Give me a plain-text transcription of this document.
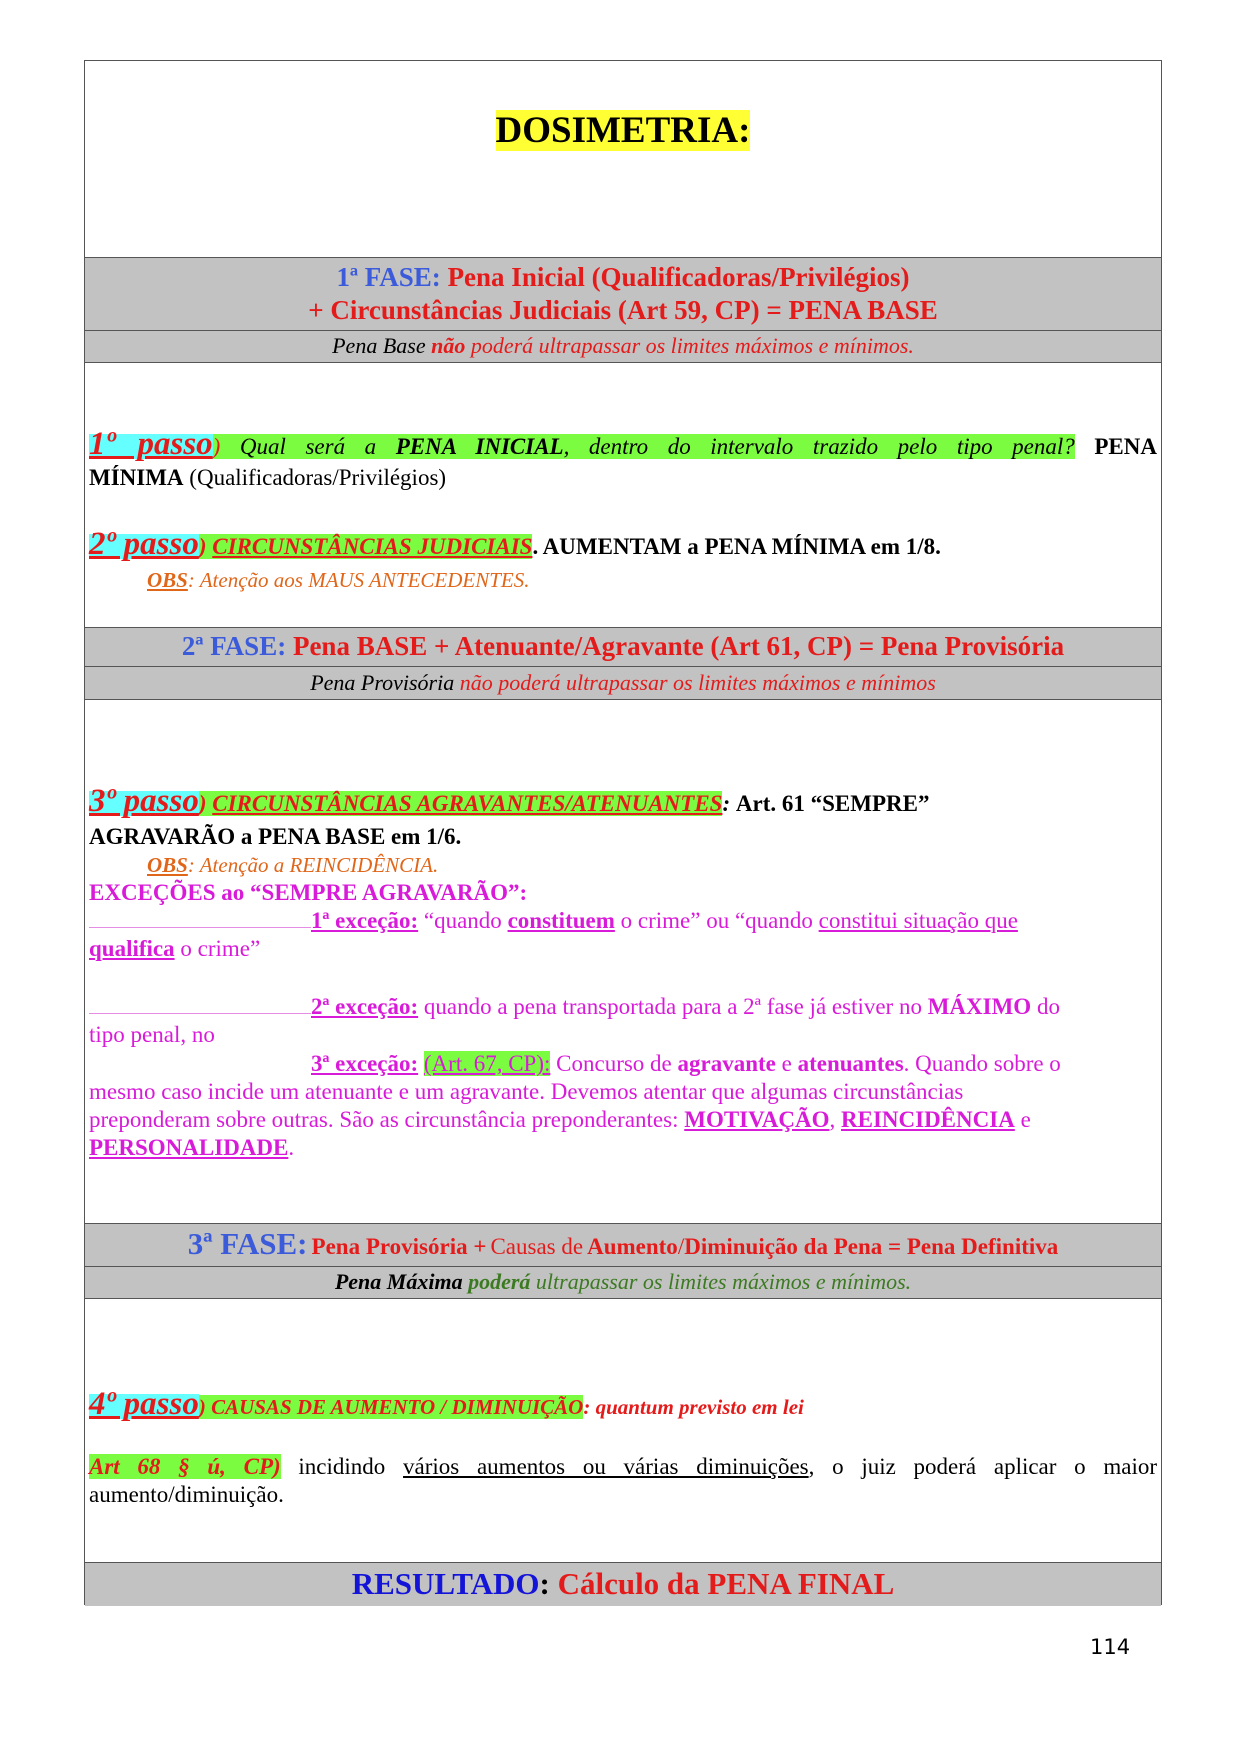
DOSIMETRIA:
1ª FASE: Pena Inicial (Qualificadoras/Privilégios)
+ Circunstâncias Judiciais (Art 59, CP) = PENA BASE
Pena Base não poderá ultrapassar os limites máximos e mínimos.
1º passo) Qual será a PENA INICIAL, dentro do intervalo trazido pelo tipo penal? PENA
MÍNIMA (Qualificadoras/Privilégios)
2º passo) CIRCUNSTÂNCIAS JUDICIAIS. AUMENTAM a PENA MÍNIMA em 1/8.
OBS: Atenção aos MAUS ANTECEDENTES.
2ª FASE: Pena BASE + Atenuante/Agravante (Art 61, CP) = Pena Provisória
Pena Provisória não poderá ultrapassar os limites máximos e mínimos
3º passo) CIRCUNSTÂNCIAS AGRAVANTES/ATENUANTES: Art. 61 “SEMPRE”
AGRAVARÃO a PENA BASE em 1/6.
OBS: Atenção a REINCIDÊNCIA.
EXCEÇÕES ao “SEMPRE AGRAVARÃO”:
1ª exceção: “quando constituem o crime” ou “quando constitui situação que
qualifica o crime”
2ª exceção: quando a pena transportada para a 2ª fase já estiver no MÁXIMO do
tipo penal, no
3ª exceção: (Art. 67, CP): Concurso de agravante e atenuantes. Quando sobre o
mesmo caso incide um atenuante e um agravante. Devemos atentar que algumas circunstâncias
preponderam sobre outras. São as circunstância preponderantes: MOTIVAÇÃO, REINCIDÊNCIA e
PERSONALIDADE.
3ª FASE: Pena Provisória + Causas de Aumento/Diminuição da Pena = Pena Definitiva
Pena Máxima poderá ultrapassar os limites máximos e mínimos.
4º passo) CAUSAS DE AUMENTO / DIMINUIÇÃO: quantum previsto em lei
Art 68 § ú, CP) incidindo vários aumentos ou várias diminuições, o juiz poderá aplicar o maior
aumento/diminuição.
RESULTADO: Cálculo da PENA FINAL
114
